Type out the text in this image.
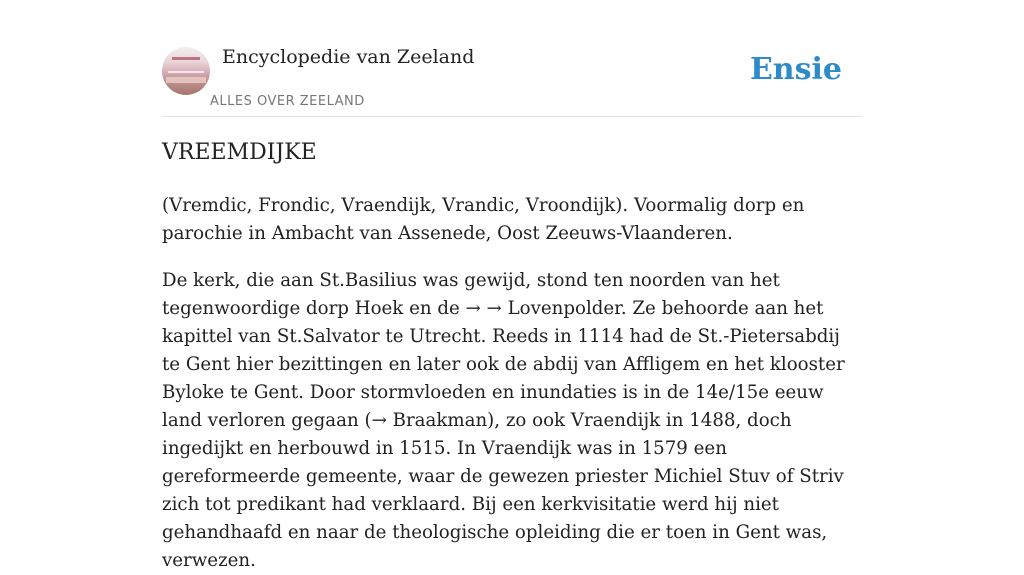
Encyclopedie van Zeeland
ALLES OVER ZEELAND
Ensie
VREEMDIJKE

(Vremdic, Frondic, Vraendijk, Vrandic, Vroondijk). Voormalig dorp en parochie in Ambacht van Assenede, Oost Zeeuws-Vlaanderen.

De kerk, die aan St.Basilius was gewijd, stond ten noorden van het tegenwoordige dorp Hoek en de → → Lovenpolder. Ze behoorde aan het kapittel van St.Salvator te Utrecht. Reeds in 1114 had de St.-Pietersabdij te Gent hier bezittingen en later ook de abdij van Affligem en het klooster Byloke te Gent. Door stormvloeden en inundaties is in de 14e/15e eeuw land verloren gegaan (→ Braakman), zo ook Vraendijk in 1488, doch ingedijkt en herbouwd in 1515. In Vraendijk was in 1579 een gereformeerde gemeente, waar de gewezen priester Michiel Stuv of Striv zich tot predikant had verklaard. Bij een kerkvisitatie werd hij niet gehandhaafd en naar de theologische opleiding die er toen in Gent was, verwezen.
